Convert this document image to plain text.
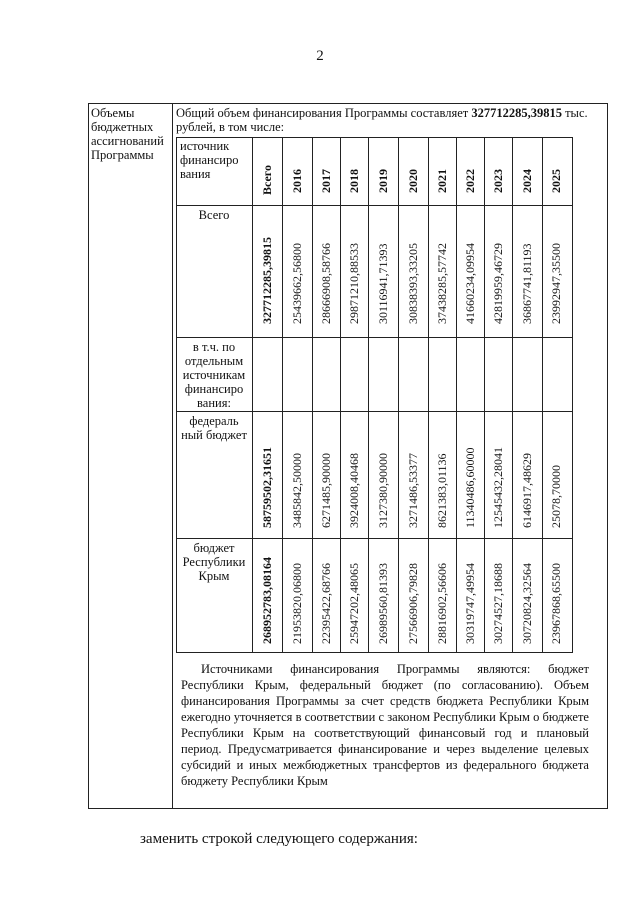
2
Объемы бюджетных ассигнований Программы
Общий объем финансирования Программы составляет 327712285,39815 тыс. рублей, в том числе:
источник финансиро вания
Всего
в т.ч. по отдельным источникам финансиро вания:
федераль ный бюджет
бюджет Республики Крым
Всего 2016 2017 2018 2019 2020 2021 2022 2023 2024 2025
327712285,39815 25439662,56800 28666908,58766 29871210,88533 30116941,71393 30838393,33205 37438285,57742 41660234,09954 42819959,46729 36867741,81193 23992947,35500
58759502,31651 3485842,50000 6271485,90000 3924008,40468 3127380,90000 3271486,53377 8621383,01136 11340486,60000 12545432,28041 6146917,48629 25078,70000
268952783,08164 21953820,06800 22395422,68766 25947202,48065 26989560,81393 27566906,79828 28816902,56606 30319747,49954 30274527,18688 30720824,32564 23967868,65500
Источниками финансирования Программы являются: бюджет Республики Крым, федеральный бюджет (по согласованию). Объем финансирования Программы за счет средств бюджета Республики Крым ежегодно уточняется в соответствии с законом Республики Крым о бюджете Республики Крым на соответствующий финансовый год и плановый период. Предусматривается финансирование и через выделение целевых субсидий и иных межбюджетных трансфертов из федерального бюджета бюджету Республики Крым
заменить строкой следующего содержания:
